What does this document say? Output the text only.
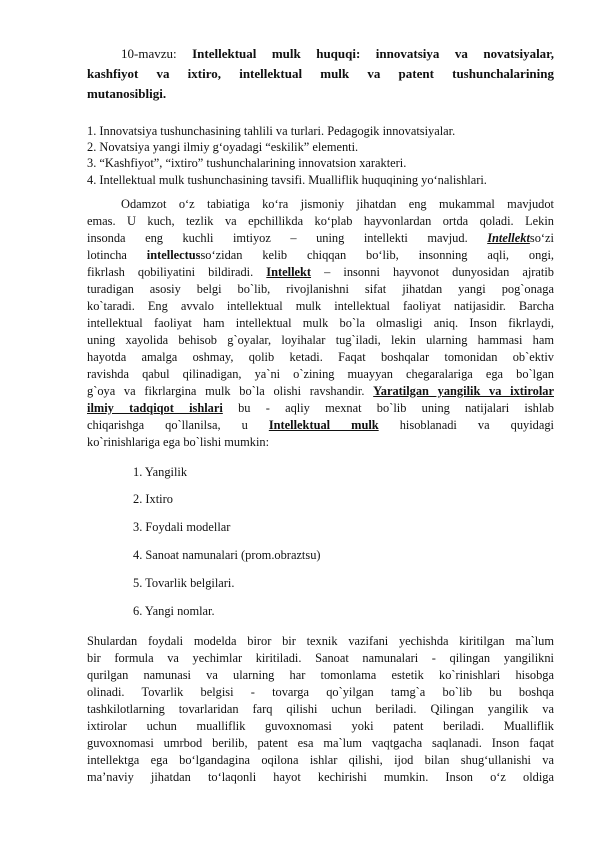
10-mavzu: Intellektual mulk huquqi: innovatsiya va novatsiyalar,
kashfiyot va ixtiro, intellektual mulk va patent tushunchalarining
mutanosibligi.
1. Innovatsiya tushunchasining tahlili va turlari. Pedagogik innovatsiyalar.
2. Novatsiya yangi ilmiy g‘oyadagi “eskilik” elementi.
3. “Kashfiyot”, “ixtiro” tushunchalarining innovatsion xarakteri.
4. Intellektual mulk tushunchasining tavsifi. Mualliflik huquqining yo‘nalishlari.
Odamzot o‘z tabiatiga ko‘ra jismoniy jihatdan eng mukammal mavjudot
emas. U kuch, tezlik va epchillikda ko‘plab hayvonlardan ortda qoladi. Lekin
insonda eng kuchli imtiyoz – uning intellekti mavjud. Intellektso‘zi
lotincha intellectusso‘zidan kelib chiqqan bo‘lib, insonning aqli, ongi,
fikrlash qobiliyatini bildiradi. Intellekt – insonni hayvonot dunyosidan ajratib
turadigan asosiy belgi bo`lib, rivojlanishni sifat jihatdan yangi pog`onaga
ko`taradi. Eng avvalo intellektual mulk intellektual faoliyat natijasidir. Barcha
intellektual faoliyat ham intellektual mulk bo`la olmasligi aniq. Inson fikrlaydi,
uning xayolida behisob g`oyalar, loyihalar tug`iladi, lekin ularning hammasi ham
hayotda amalga oshmay, qolib ketadi. Faqat boshqalar tomonidan ob`ektiv
ravishda qabul qilinadigan, ya`ni o`zining muayyan chegaralariga ega bo`lgan
g`oya va fikrlargina mulk bo`la olishi ravshandir. Yaratilgan yangilik va ixtirolar
ilmiy tadqiqot ishlari bu - aqliy mexnat bo`lib uning natijalari ishlab
chiqarishga qo`llanilsa, u Intellektual mulk hisoblanadi va quyidagi
ko`rinishlariga ega bo`lishi mumkin:
1. Yangilik
2. Ixtiro
3. Foydali modellar
4. Sanoat namunalari (prom.obraztsu)
5. Tovarlik belgilari.
6. Yangi nomlar.
Shulardan foydali modelda biror bir texnik vazifani yechishda kiritilgan ma`lum
bir formula va yechimlar kiritiladi. Sanoat namunalari - qilingan yangilikni
qurilgan namunasi va ularning har tomonlama estetik ko`rinishlari hisobga
olinadi. Tovarlik belgisi - tovarga qo`yilgan tamg`a bo`lib bu boshqa
tashkilotlarning tovarlaridan farq qilishi uchun beriladi. Qilingan yangilik va
ixtirolar uchun mualliflik guvoxnomasi yoki patent beriladi. Mualliflik
guvoxnomasi umrbod berilib, patent esa ma`lum vaqtgacha saqlanadi. Inson faqat
intellektga ega bo‘lgandagina oqilona ishlar qilishi, ijod bilan shug‘ullanishi va
ma’naviy jihatdan to‘laqonli hayot kechirishi mumkin. Inson o‘z oldiga
